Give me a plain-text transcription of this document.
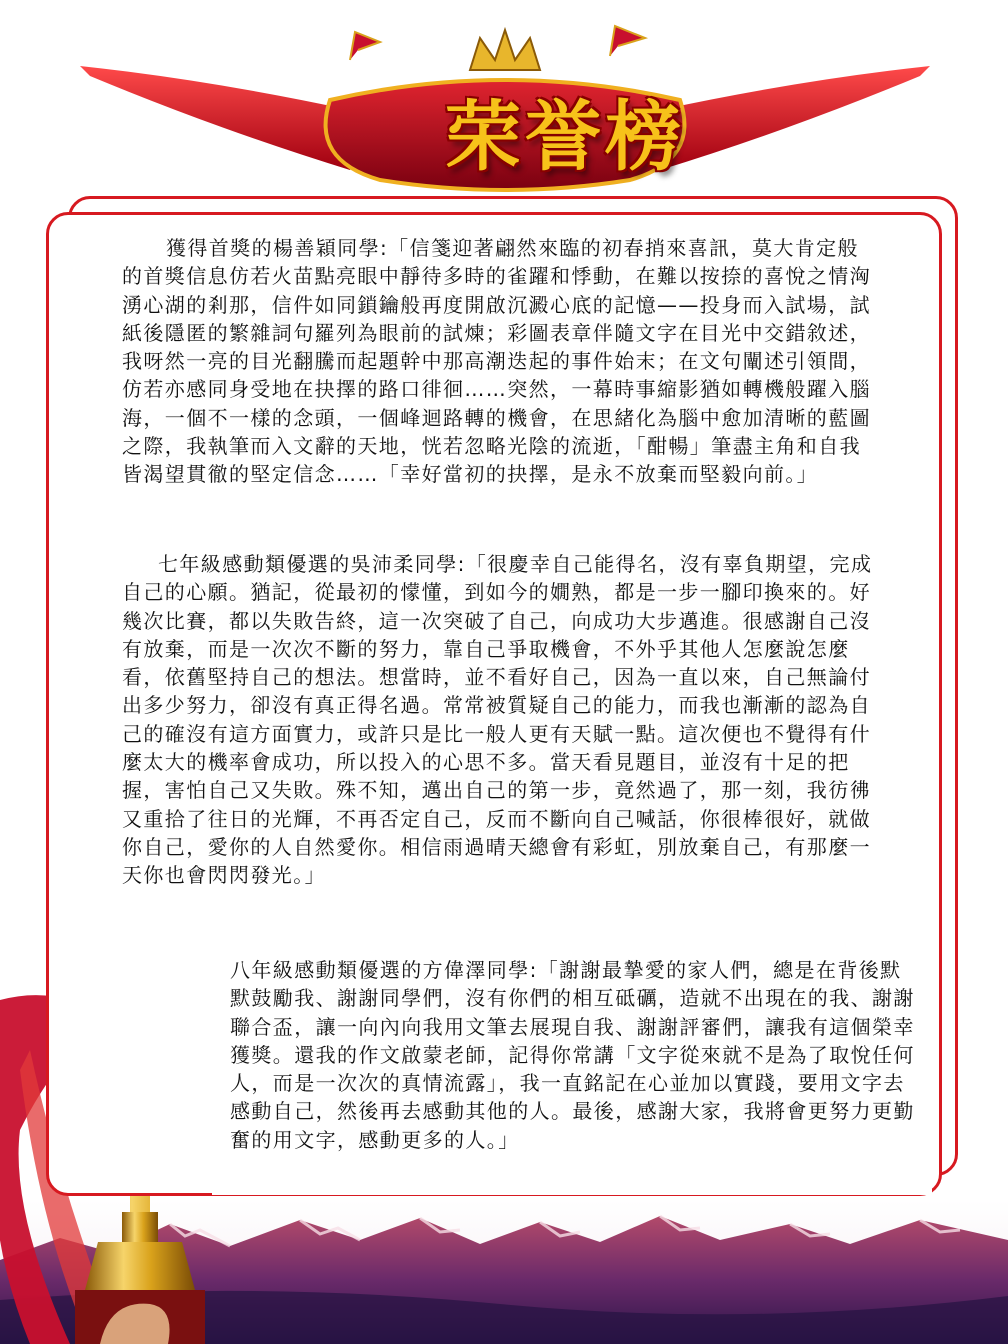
荣誉榜

獲得首獎的楊善穎同學:「信箋迎著翩然來臨的初春捎來喜訊，莫大肯定般的首獎信息仿若火苗點亮眼中靜待多時的雀躍和悸動，在難以按捺的喜悅之情洶湧心湖的剎那，信件如同鎖鑰般再度開啟沉澱心底的記憶——投身而入試場，試紙後隱匿的繁雜詞句羅列為眼前的試煉；彩圖表章伴隨文字在目光中交錯敘述，我呀然一亮的目光翻騰而起題幹中那高潮迭起的事件始末；在文句闡述引領間，仿若亦感同身受地在抉擇的路口徘徊……突然，一幕時事縮影猶如轉機般躍入腦海，一個不一樣的念頭，一個峰迴路轉的機會，在思緒化為腦中愈加清晰的藍圖之際，我執筆而入文辭的天地，恍若忽略光陰的流逝，「酣暢」筆盡主角和自我皆渴望貫徹的堅定信念……「幸好當初的抉擇，是永不放棄而堅毅向前。」

七年級感動類優選的吳沛柔同學:「很慶幸自己能得名，沒有辜負期望，完成自己的心願。猶記，從最初的懞懂，到如今的嫺熟，都是一步一腳印換來的。好幾次比賽，都以失敗告終，這一次突破了自己，向成功大步邁進。很感謝自己沒有放棄，而是一次次不斷的努力，靠自己爭取機會，不外乎其他人怎麼說怎麼看，依舊堅持自己的想法。想當時，並不看好自己，因為一直以來，自己無論付出多少努力，卻沒有真正得名過。常常被質疑自己的能力，而我也漸漸的認為自己的確沒有這方面實力，或許只是比一般人更有天賦一點。這次便也不覺得有什麼太大的機率會成功，所以投入的心思不多。當天看見題目，並沒有十足的把握，害怕自己又失敗。殊不知，邁出自己的第一步，竟然過了，那一刻，我彷彿又重拾了往日的光輝，不再否定自己，反而不斷向自己喊話，你很棒很好，就做你自己，愛你的人自然愛你。相信雨過晴天總會有彩虹，別放棄自己，有那麼一天你也會閃閃發光。」

八年級感動類優選的方偉澤同學:「謝謝最摯愛的家人們，總是在背後默默鼓勵我、謝謝同學們，沒有你們的相互砥礪，造就不出現在的我、謝謝聯合盃，讓一向內向我用文筆去展現自我、謝謝評審們，讓我有這個榮幸獲獎。還我的作文啟蒙老師，記得你常講「文字從來就不是為了取悅任何人，而是一次次的真情流露」，我一直銘記在心並加以實踐，要用文字去感動自己，然後再去感動其他的人。最後，感謝大家，我將會更努力更勤奮的用文字，感動更多的人。」
